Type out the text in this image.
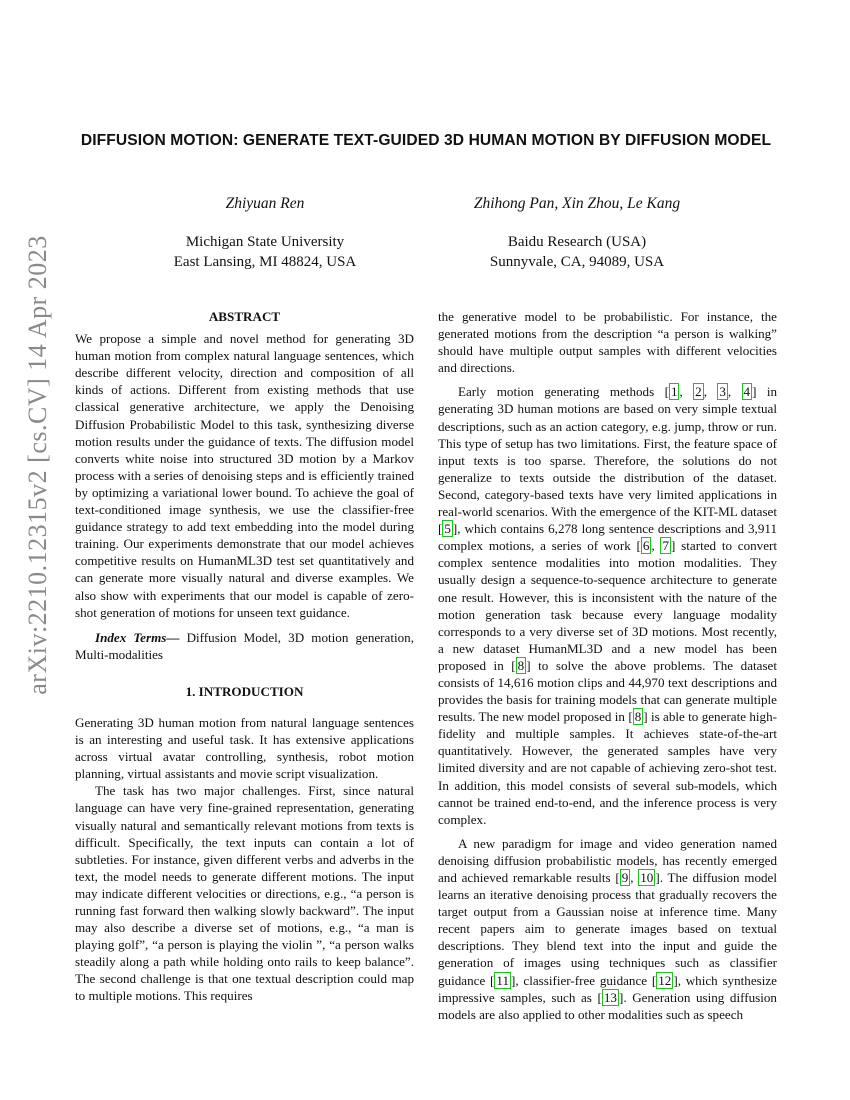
arXiv:2210.12315v2 [cs.CV] 14 Apr 2023
DIFFUSION MOTION: GENERATE TEXT-GUIDED 3D HUMAN MOTION BY DIFFUSION MODEL
Zhiyuan Ren
Michigan State University
East Lansing, MI 48824, USA
Zhihong Pan, Xin Zhou, Le Kang
Baidu Research (USA)
Sunnyvale, CA, 94089, USA

ABSTRACT

We propose a simple and novel method for generating 3D human motion from complex natural language sentences, which describe different velocity, direction and composition of all kinds of actions. Different from existing methods that use classical generative architecture, we apply the Denoising Diffusion Probabilistic Model to this task, synthesizing diverse motion results under the guidance of texts. The diffusion model converts white noise into structured 3D motion by a Markov process with a series of denoising steps and is efficiently trained by optimizing a variational lower bound. To achieve the goal of text-conditioned image synthesis, we use the classifier-free guidance strategy to add text embedding into the model during training. Our experiments demonstrate that our model achieves competitive results on HumanML3D test set quantitatively and can generate more visually natural and diverse examples. We also show with experiments that our model is capable of zero-shot generation of motions for unseen text guidance.

Index Terms— Diffusion Model, 3D motion generation, Multi-modalities

1. INTRODUCTION

Generating 3D human motion from natural language sentences is an interesting and useful task. It has extensive applications across virtual avatar controlling, synthesis, robot motion planning, virtual assistants and movie script visualization.

The task has two major challenges. First, since natural language can have very fine-grained representation, generating visually natural and semantically relevant motions from texts is difficult. Specifically, the text inputs can contain a lot of subtleties. For instance, given different verbs and adverbs in the text, the model needs to generate different motions. The input may indicate different velocities or directions, e.g., “a person is running fast forward then walking slowly backward”. The input may also describe a diverse set of motions, e.g., “a man is playing golf”, “a person is playing the violin ”, “a person walks steadily along a path while holding onto rails to keep balance”. The second challenge is that one textual description could map to multiple motions. This requires

the generative model to be probabilistic. For instance, the generated motions from the description “a person is walking” should have multiple output samples with different velocities and directions.

Early motion generating methods [ 1 , 2 , 3 , 4 ] in generating 3D human motions are based on very simple textual descriptions, such as an action category, e.g. jump, throw or run. This type of setup has two limitations. First, the feature space of input texts is too sparse. Therefore, the solutions do not generalize to texts outside the distribution of the dataset. Second, category-based texts have very limited applications in real-world scenarios. With the emergence of the KIT-ML dataset [ 5 ], which contains 6,278 long sentence descriptions and 3,911 complex motions, a series of work [ 6 , 7 ] started to convert complex sentence modalities into motion modalities. They usually design a sequence-to-sequence architecture to generate one result. However, this is inconsistent with the nature of the motion generation task because every language modality corresponds to a very diverse set of 3D motions. Most recently, a new dataset HumanML3D and a new model has been proposed in [ 8 ] to solve the above problems. The dataset consists of 14,616 motion clips and 44,970 text descriptions and provides the basis for training models that can generate multiple results. The new model proposed in [ 8 ] is able to generate high-fidelity and multiple samples. It achieves state-of-the-art quantitatively. However, the generated samples have very limited diversity and are not capable of achieving zero-shot test. In addition, this model consists of several sub-models, which cannot be trained end-to-end, and the inference process is very complex.

A new paradigm for image and video generation named denoising diffusion probabilistic models, has recently emerged and achieved remarkable results [ 9 , 10 ]. The diffusion model learns an iterative denoising process that gradually recovers the target output from a Gaussian noise at inference time. Many recent papers aim to generate images based on textual descriptions. They blend text into the input and guide the generation of images using techniques such as classifier guidance [ 11 ], classifier-free guidance [ 12 ], which synthesize impressive samples, such as [ 13 ]. Generation using diffusion models are also applied to other modalities such as speech
